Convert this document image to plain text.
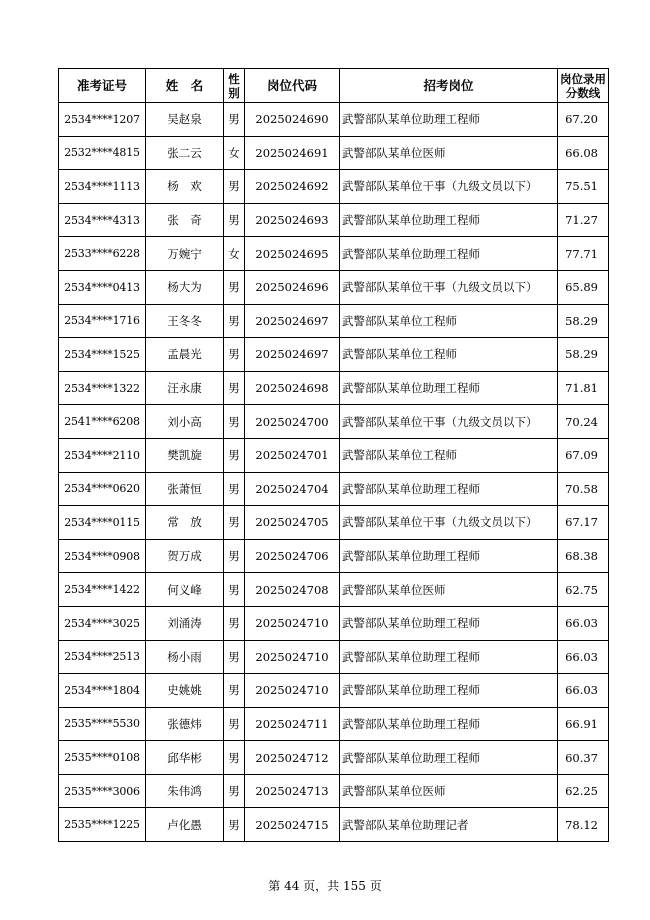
准考证号	姓　名	性别	岗位代码	招考岗位	岗位录用分数线
2534****1207	吴赵泉	男	2025024690	武警部队某单位助理工程师	67.20
2532****4815	张二云	女	2025024691	武警部队某单位医师	66.08
2534****1113	杨　欢	男	2025024692	武警部队某单位干事（九级文员以下）	75.51
2534****4313	张　奇	男	2025024693	武警部队某单位助理工程师	71.27
2533****6228	万婉宁	女	2025024695	武警部队某单位助理工程师	77.71
2534****0413	杨大为	男	2025024696	武警部队某单位干事（九级文员以下）	65.89
2534****1716	王冬冬	男	2025024697	武警部队某单位工程师	58.29
2534****1525	孟晨光	男	2025024697	武警部队某单位工程师	58.29
2534****1322	汪永康	男	2025024698	武警部队某单位助理工程师	71.81
2541****6208	刘小高	男	2025024700	武警部队某单位干事（九级文员以下）	70.24
2534****2110	樊凯旋	男	2025024701	武警部队某单位工程师	67.09
2534****0620	张萧恒	男	2025024704	武警部队某单位助理工程师	70.58
2534****0115	常　放	男	2025024705	武警部队某单位干事（九级文员以下）	67.17
2534****0908	贺万成	男	2025024706	武警部队某单位助理工程师	68.38
2534****1422	何义峰	男	2025024708	武警部队某单位医师	62.75
2534****3025	刘涌涛	男	2025024710	武警部队某单位助理工程师	66.03
2534****2513	杨小雨	男	2025024710	武警部队某单位助理工程师	66.03
2534****1804	史姚姚	男	2025024710	武警部队某单位助理工程师	66.03
2535****5530	张德炜	男	2025024711	武警部队某单位助理工程师	66.91
2535****0108	邱华彬	男	2025024712	武警部队某单位助理工程师	60.37
2535****3006	朱伟鸿	男	2025024713	武警部队某单位医师	62.25
2535****1225	卢化愚	男	2025024715	武警部队某单位助理记者	78.12
第 44 页，共 155 页
